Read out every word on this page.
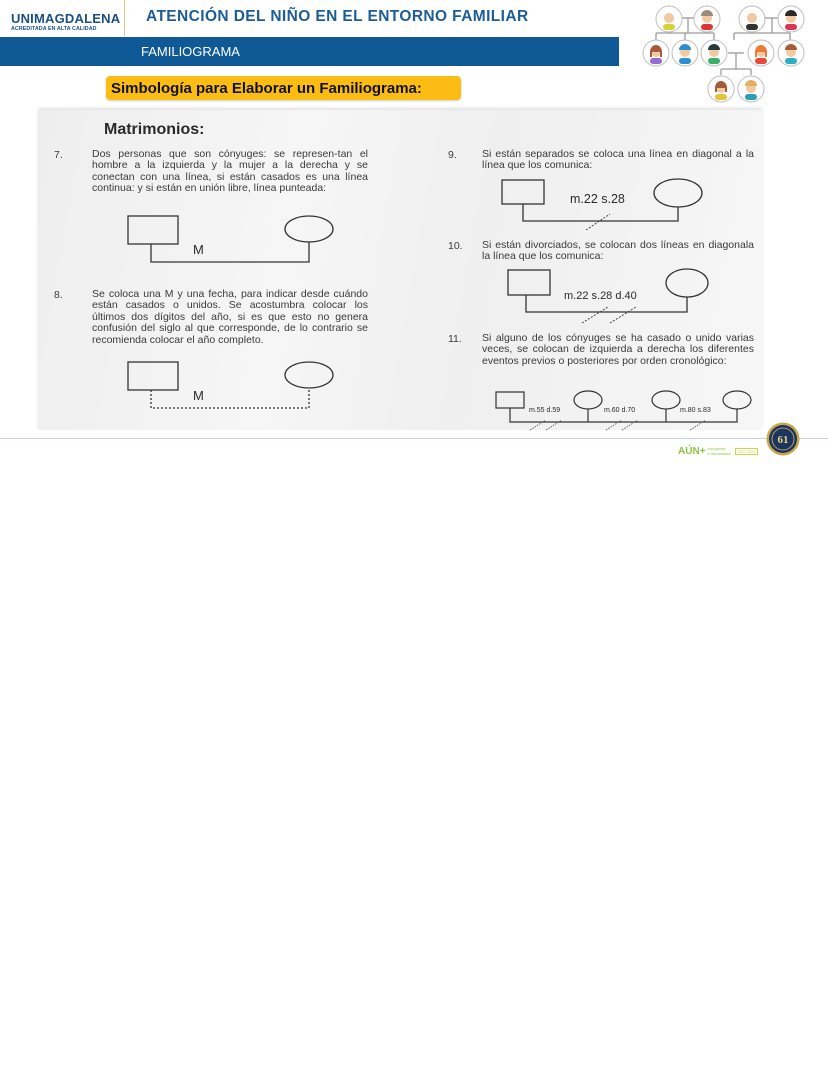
UNIMAGDALENA
ACREDITADA EN ALTA CALIDAD
ATENCIÓN DEL NIÑO EN EL ENTORNO FAMILIAR
FAMILIOGRAMA
Simbología para Elaborar un Familiograma:
Matrimonios:
7.	Dos personas que son cónyuges: se represen-tan el hombre a la izquierda y la mujer a la derecha y se conectan con una línea, si están casados es una línea continua: y si están en unión libre, línea punteada:
M
8.	Se coloca una M y una fecha, para indicar desde cuándo están casados o unidos. Se acostumbra colocar los últimos dos dígitos del año, si es que esto no genera confusión del siglo al que corresponde, de lo contrario se recomienda colocar el año completo.
M
9. Si están separados se coloca una línea en diagonal a la línea que los comunica:
m.22 s.28
10. Si están divorciados, se colocan dos líneas en diagonala la línea que los comunica:
m.22 s.28 d.40
11. Si alguno de los cónyuges se ha casado o unido varias veces, se colocan de izquierda a derecha los diferentes eventos previos o posteriores por orden cronológico:
m.55 d.59	m.60 d.70	m.80 s.83
AÚN+ incluyente
e innovadora	2020 2024
61
